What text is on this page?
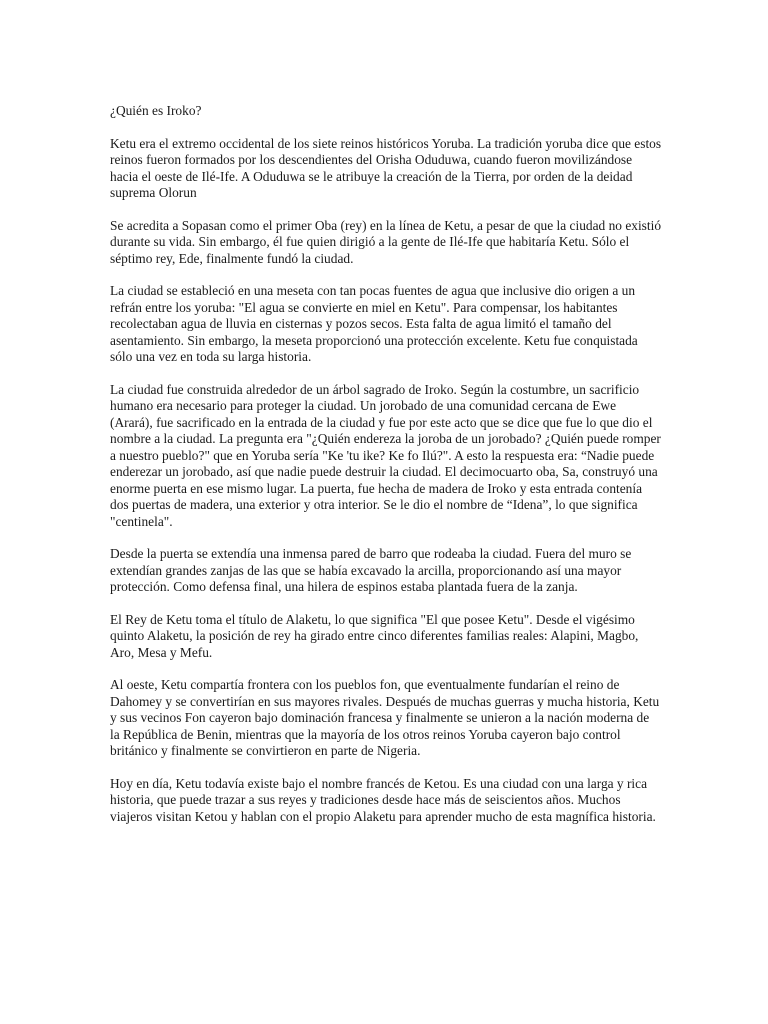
¿Quién es Iroko?

Ketu era el extremo occidental de los siete reinos históricos Yoruba. La tradición yoruba dice que estos reinos fueron formados por los descendientes del Orisha Oduduwa, cuando fueron movilizándose hacia el oeste de Ilé-Ife. A Oduduwa se le atribuye la creación de la Tierra, por orden de la deidad suprema Olorun

Se acredita a Sopasan como el primer Oba (rey) en la línea de Ketu, a pesar de que la ciudad no existió durante su vida. Sin embargo, él fue quien dirigió a la gente de Ilé-Ife que habitaría Ketu. Sólo el séptimo rey, Ede, finalmente fundó la ciudad.

La ciudad se estableció en una meseta con tan pocas fuentes de agua que inclusive dio origen a un refrán entre los yoruba: "El agua se convierte en miel en Ketu". Para compensar, los habitantes recolectaban agua de lluvia en cisternas y pozos secos. Esta falta de agua limitó el tamaño del asentamiento. Sin embargo, la meseta proporcionó una protección excelente. Ketu fue conquistada sólo una vez en toda su larga historia.

La ciudad fue construida alrededor de un árbol sagrado de Iroko. Según la costumbre, un sacrificio humano era necesario para proteger la ciudad. Un jorobado de una comunidad cercana de Ewe (Arará), fue sacrificado en la entrada de la ciudad y fue por este acto que se dice que fue lo que dio el nombre a la ciudad. La pregunta era "¿Quién endereza la joroba de un jorobado? ¿Quién puede romper a nuestro pueblo?" que en Yoruba sería "Ke 'tu ike? Ke fo Ilú?". A esto la respuesta era: “Nadie puede enderezar un jorobado, así que nadie puede destruir la ciudad. El decimocuarto oba, Sa, construyó una enorme puerta en ese mismo lugar. La puerta, fue hecha de madera de Iroko y esta entrada contenía dos puertas de madera, una exterior y otra interior. Se le dio el nombre de “Idena”, lo que significa "centinela".

Desde la puerta se extendía una inmensa pared de barro que rodeaba la ciudad. Fuera del muro se extendían grandes zanjas de las que se había excavado la arcilla, proporcionando así una mayor protección. Como defensa final, una hilera de espinos estaba plantada fuera de la zanja.

El Rey de Ketu toma el título de Alaketu, lo que significa "El que posee Ketu". Desde el vigésimo quinto Alaketu, la posición de rey ha girado entre cinco diferentes familias reales: Alapini, Magbo, Aro, Mesa y Mefu.

Al oeste, Ketu compartía frontera con los pueblos fon, que eventualmente fundarían el reino de Dahomey y se convertirían en sus mayores rivales. Después de muchas guerras y mucha historia, Ketu y sus vecinos Fon cayeron bajo dominación francesa y finalmente se unieron a la nación moderna de la República de Benin, mientras que la mayoría de los otros reinos Yoruba cayeron bajo control británico y finalmente se convirtieron en parte de Nigeria.

Hoy en día, Ketu todavía existe bajo el nombre francés de Ketou. Es una ciudad con una larga y rica historia, que puede trazar a sus reyes y tradiciones desde hace más de seiscientos años. Muchos viajeros visitan Ketou y hablan con el propio Alaketu para aprender mucho de esta magnífica historia.
